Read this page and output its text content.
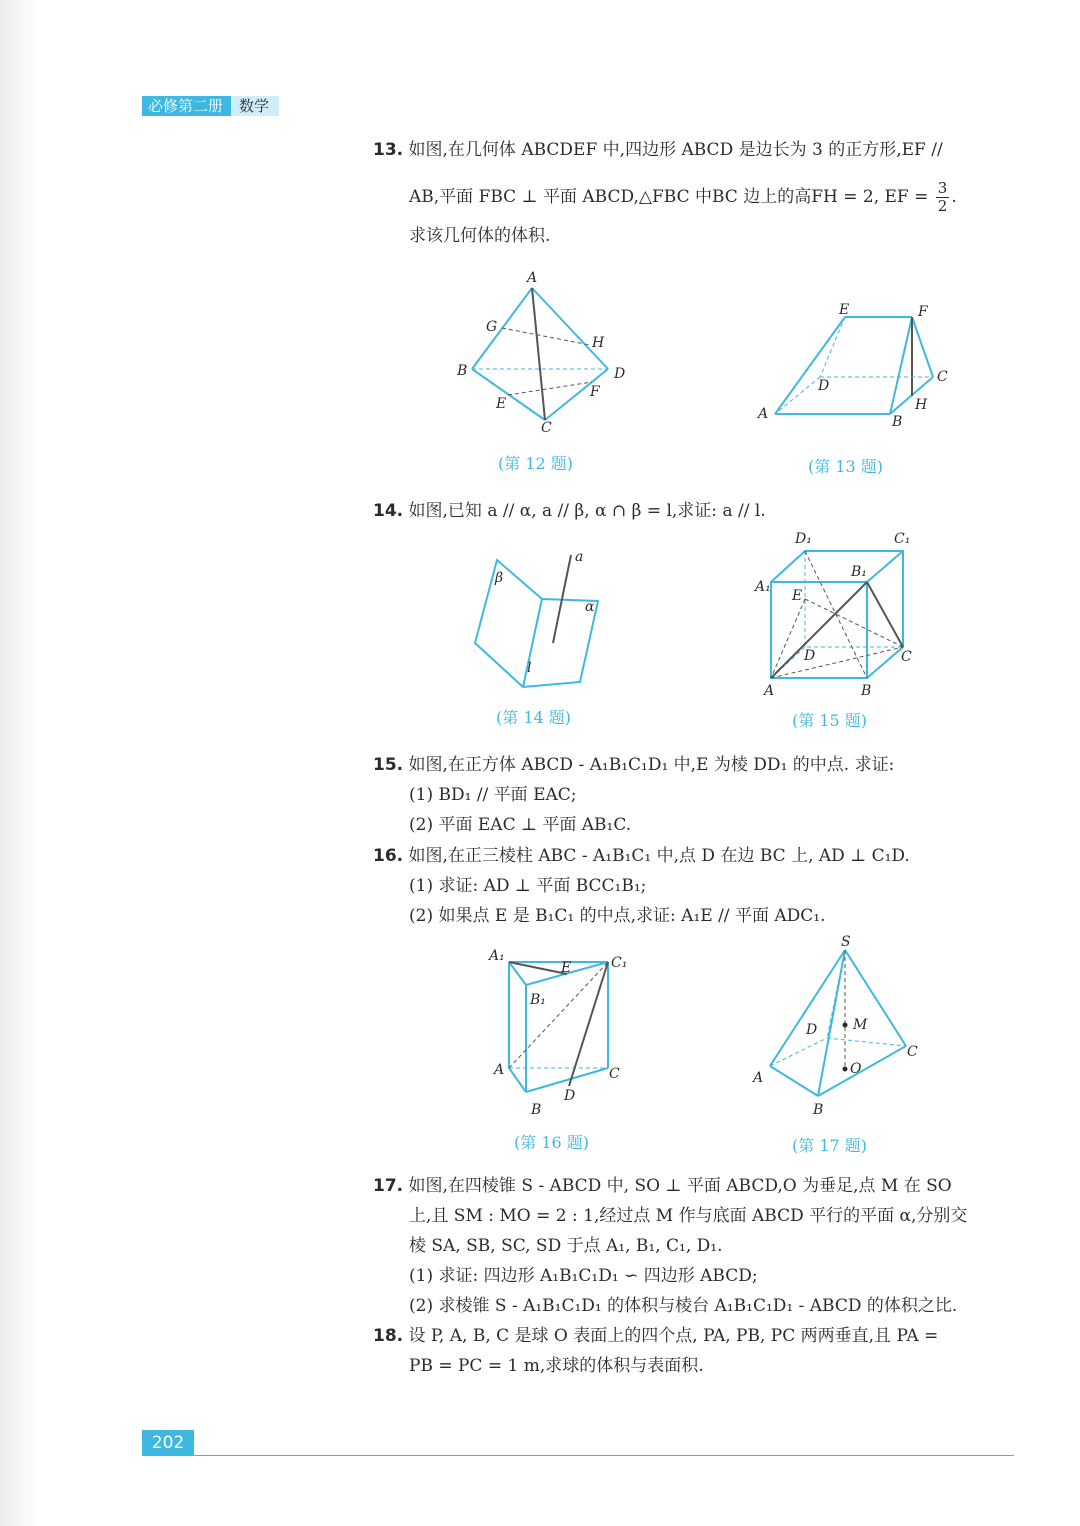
必修第二册	数学
13. 如图,在几何体 ABCDEF 中,四边形 ABCD 是边长为 3 的正方形,EF //
AB,平面 FBC ⊥ 平面 ABCD,△FBC 中BC 边上的高FH = 2, EF = $\frac{3}{2}$ .
求该几何体的体积.
A
G
H
B	D
F
E
C
(第 12 题)
E	F
D
C
H
A	B
(第 13 题)
14. 如图,已知 a // α, a // β, α ∩ β = l,求证: a // l.
a
β
α
l
(第 14 题)
D₁	C₁
B₁
A₁
E
D	C
A	B
(第 15 题)
15. 如图,在正方体 ABCD - A₁B₁C₁D₁ 中,E 为棱 DD₁ 的中点. 求证:
(1) BD₁ // 平面 EAC;
(2) 平面 EAC ⊥ 平面 AB₁C.
16. 如图,在正三棱柱 ABC - A₁B₁C₁ 中,点 D 在边 BC 上, AD ⊥ C₁D.
(1) 求证: AD ⊥ 平面 BCC₁B₁;
(2) 如果点 E 是 B₁C₁ 的中点,求证: A₁E // 平面 ADC₁.
A₁
E	C₁
B₁
A	C
D
B
(第 16 题)
S
M
D
C
O
A
B
(第 17 题)
17. 如图,在四棱锥 S - ABCD 中, SO ⊥ 平面 ABCD,O 为垂足,点 M 在 SO
上,且 SM : MO = 2 : 1,经过点 M 作与底面 ABCD 平行的平面 α,分别交
棱 SA, SB, SC, SD 于点 A₁, B₁, C₁, D₁.
(1) 求证: 四边形 A₁B₁C₁D₁ ∽ 四边形 ABCD;
(2) 求棱锥 S - A₁B₁C₁D₁ 的体积与棱台 A₁B₁C₁D₁ - ABCD 的体积之比.
18. 设 P, A, B, C 是球 O 表面上的四个点, PA, PB, PC 两两垂直,且 PA =
PB = PC = 1 m,求球的体积与表面积.
202
